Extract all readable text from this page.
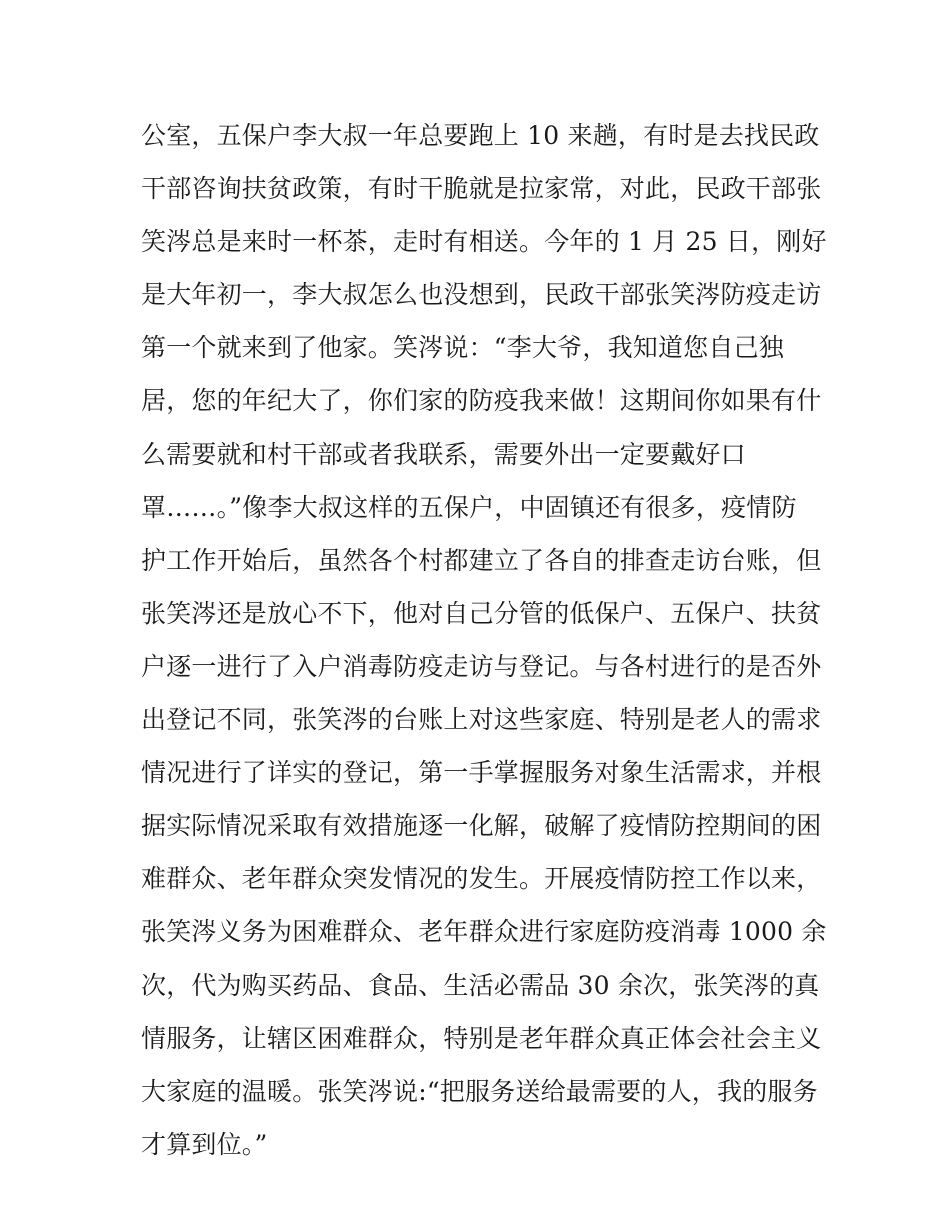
公室，五保户李大叔一年总要跑上 10 来趟，有时是去找民政
干部咨询扶贫政策，有时干脆就是拉家常，对此，民政干部张
笑涔总是来时一杯茶，走时有相送。今年的 1 月 25 日，刚好
是大年初一，李大叔怎么也没想到，民政干部张笑涔防疫走访
第一个就来到了他家。笑涔说：“李大爷，我知道您自己独
居，您的年纪大了，你们家的防疫我来做！这期间你如果有什
么需要就和村干部或者我联系，需要外出一定要戴好口
罩……。”像李大叔这样的五保户，中固镇还有很多，疫情防
护工作开始后，虽然各个村都建立了各自的排查走访台账，但
张笑涔还是放心不下，他对自己分管的低保户、五保户、扶贫
户逐一进行了入户消毒防疫走访与登记。与各村进行的是否外
出登记不同，张笑涔的台账上对这些家庭、特别是老人的需求
情况进行了详实的登记，第一手掌握服务对象生活需求，并根
据实际情况采取有效措施逐一化解，破解了疫情防控期间的困
难群众、老年群众突发情况的发生。开展疫情防控工作以来，
张笑涔义务为困难群众、老年群众进行家庭防疫消毒 1000 余
次，代为购买药品、食品、生活必需品 30 余次，张笑涔的真
情服务，让辖区困难群众，特别是老年群众真正体会社会主义
大家庭的温暖。张笑涔说:“把服务送给最需要的人，我的服务
才算到位。”
